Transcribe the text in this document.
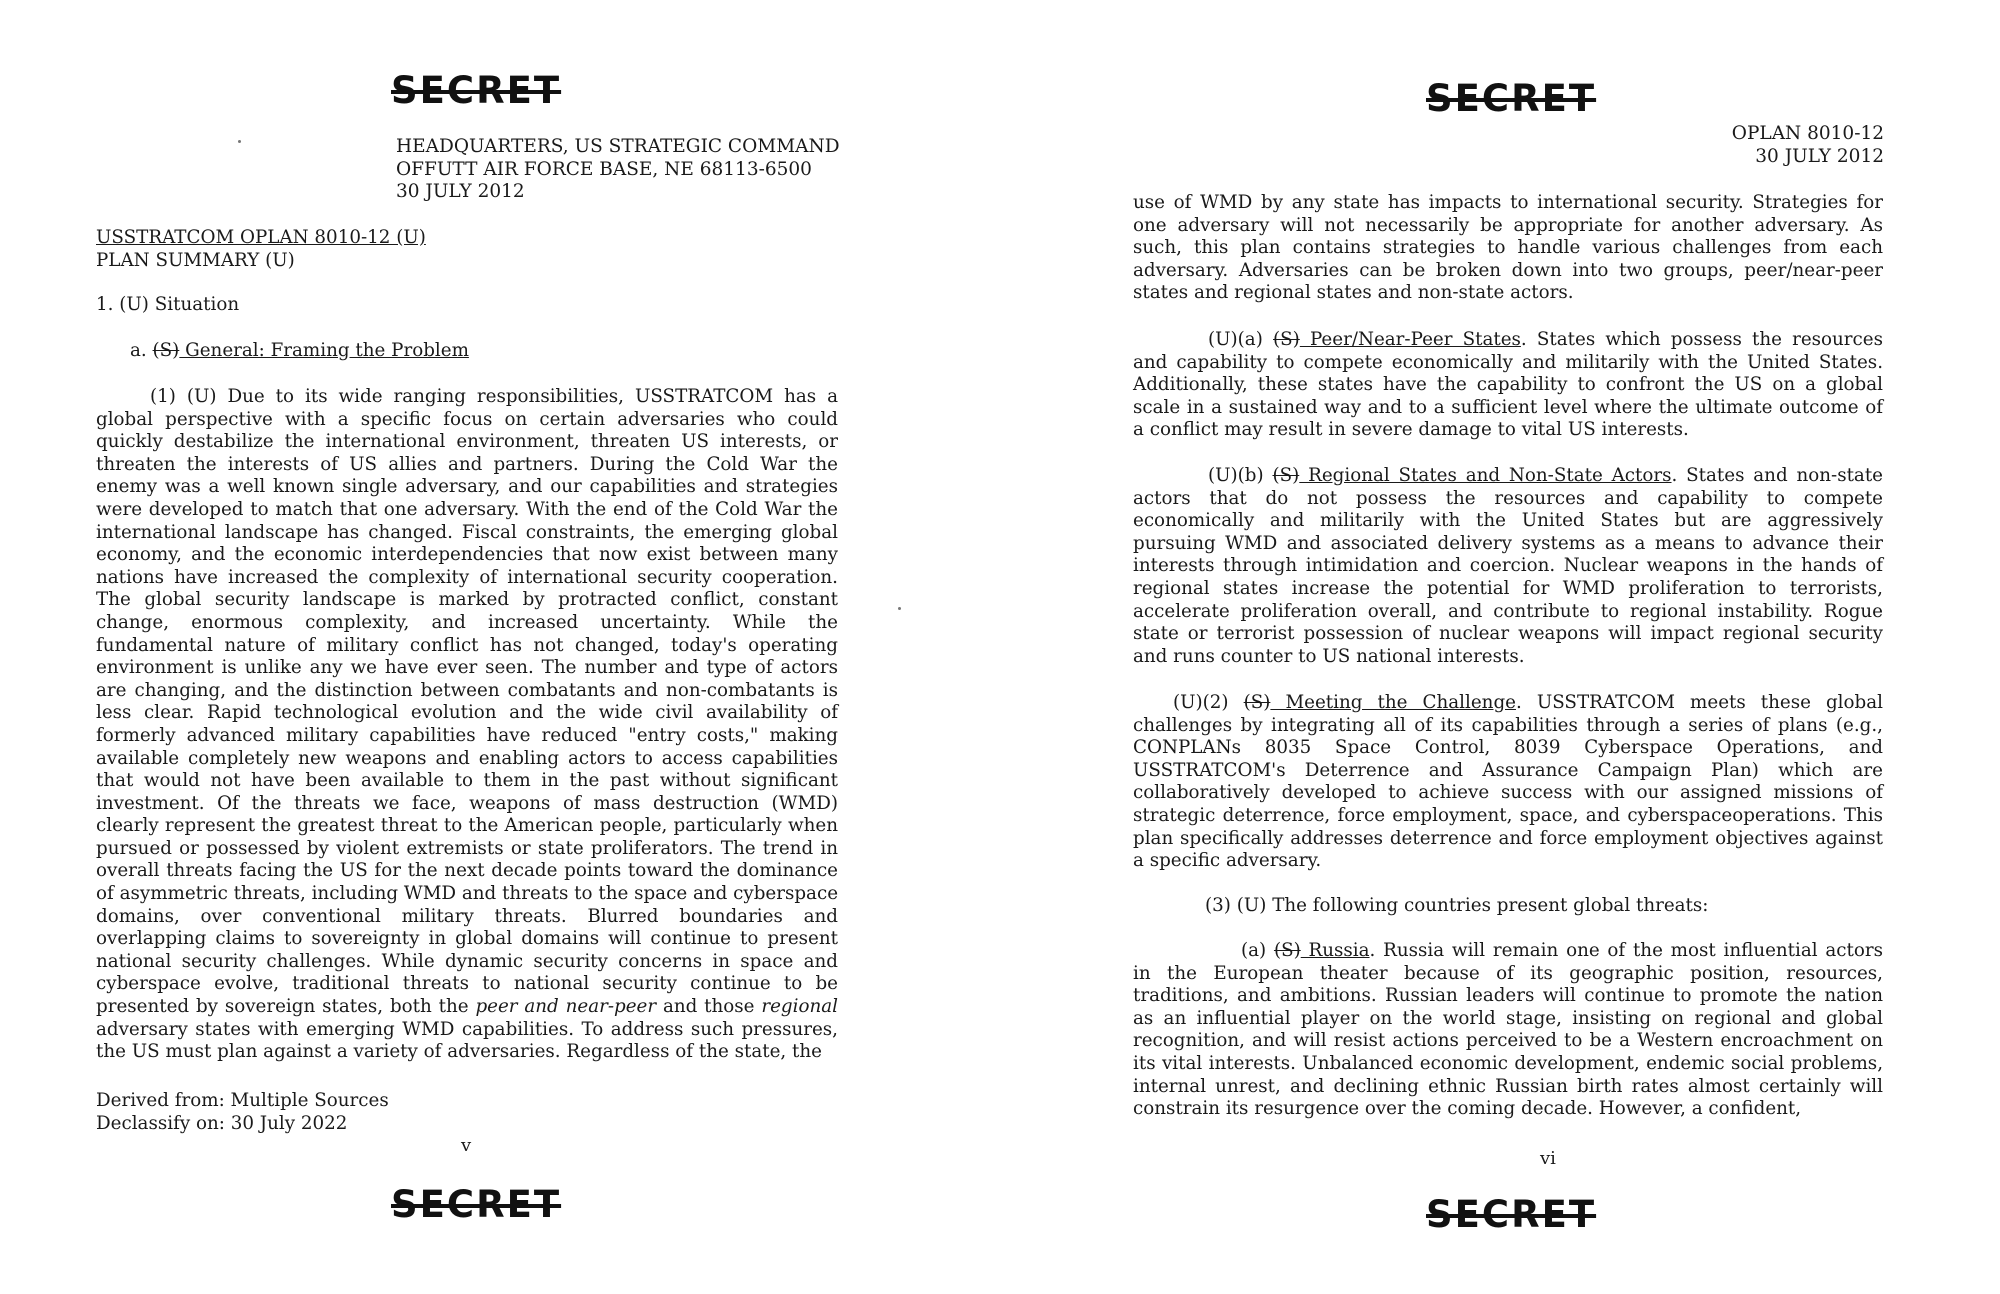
SECRET
HEADQUARTERS, US STRATEGIC COMMAND
OFFUTT AIR FORCE BASE, NE 68113-6500
30 JULY 2012
USSTRATCOM OPLAN 8010-12 (U)
PLAN SUMMARY (U)
1. (U) Situation
a. (S) General: Framing the Problem
(1) (U) Due to its wide ranging responsibilities, USSTRATCOM has a
global perspective with a specific focus on certain adversaries who could
quickly destabilize the international environment, threaten US interests, or
threaten the interests of US allies and partners. During the Cold War the
enemy was a well known single adversary, and our capabilities and strategies
were developed to match that one adversary. With the end of the Cold War the
international landscape has changed. Fiscal constraints, the emerging global
economy, and the economic interdependencies that now exist between many
nations have increased the complexity of international security cooperation.
The global security landscape is marked by protracted conflict, constant
change, enormous complexity, and increased uncertainty. While the
fundamental nature of military conflict has not changed, today's operating
environment is unlike any we have ever seen. The number and type of actors
are changing, and the distinction between combatants and non-combatants is
less clear. Rapid technological evolution and the wide civil availability of
formerly advanced military capabilities have reduced "entry costs," making
available completely new weapons and enabling actors to access capabilities
that would not have been available to them in the past without significant
investment. Of the threats we face, weapons of mass destruction (WMD)
clearly represent the greatest threat to the American people, particularly when
pursued or possessed by violent extremists or state proliferators. The trend in
overall threats facing the US for the next decade points toward the dominance
of asymmetric threats, including WMD and threats to the space and cyberspace
domains, over conventional military threats. Blurred boundaries and
overlapping claims to sovereignty in global domains will continue to present
national security challenges. While dynamic security concerns in space and
cyberspace evolve, traditional threats to national security continue to be
presented by sovereign states, both the peer and near-peer and those regional
adversary states with emerging WMD capabilities. To address such pressures,
the US must plan against a variety of adversaries. Regardless of the state, the
Derived from: Multiple Sources
Declassify on: 30 July 2022
v
SECRET
SECRET
OPLAN 8010-12
30 JULY 2012
use of WMD by any state has impacts to international security. Strategies for
one adversary will not necessarily be appropriate for another adversary. As
such, this plan contains strategies to handle various challenges from each
adversary. Adversaries can be broken down into two groups, peer/near-peer
states and regional states and non-state actors.
(U)(a) (S) Peer/Near-Peer States. States which possess the resources
and capability to compete economically and militarily with the United States.
Additionally, these states have the capability to confront the US on a global
scale in a sustained way and to a sufficient level where the ultimate outcome of
a conflict may result in severe damage to vital US interests.
(U)(b) (S) Regional States and Non-State Actors. States and non-state
actors that do not possess the resources and capability to compete
economically and militarily with the United States but are aggressively
pursuing WMD and associated delivery systems as a means to advance their
interests through intimidation and coercion. Nuclear weapons in the hands of
regional states increase the potential for WMD proliferation to terrorists,
accelerate proliferation overall, and contribute to regional instability. Rogue
state or terrorist possession of nuclear weapons will impact regional security
and runs counter to US national interests.
(U)(2) (S) Meeting the Challenge. USSTRATCOM meets these global
challenges by integrating all of its capabilities through a series of plans (e.g.,
CONPLANs 8035 Space Control, 8039 Cyberspace Operations, and
USSTRATCOM's Deterrence and Assurance Campaign Plan) which are
collaboratively developed to achieve success with our assigned missions of
strategic deterrence, force employment, space, and cyberspaceoperations. This
plan specifically addresses deterrence and force employment objectives against
a specific adversary.
(3) (U) The following countries present global threats:
(a) (S) Russia. Russia will remain one of the most influential actors
in the European theater because of its geographic position, resources,
traditions, and ambitions. Russian leaders will continue to promote the nation
as an influential player on the world stage, insisting on regional and global
recognition, and will resist actions perceived to be a Western encroachment on
its vital interests. Unbalanced economic development, endemic social problems,
internal unrest, and declining ethnic Russian birth rates almost certainly will
constrain its resurgence over the coming decade. However, a confident,
vi
SECRET
